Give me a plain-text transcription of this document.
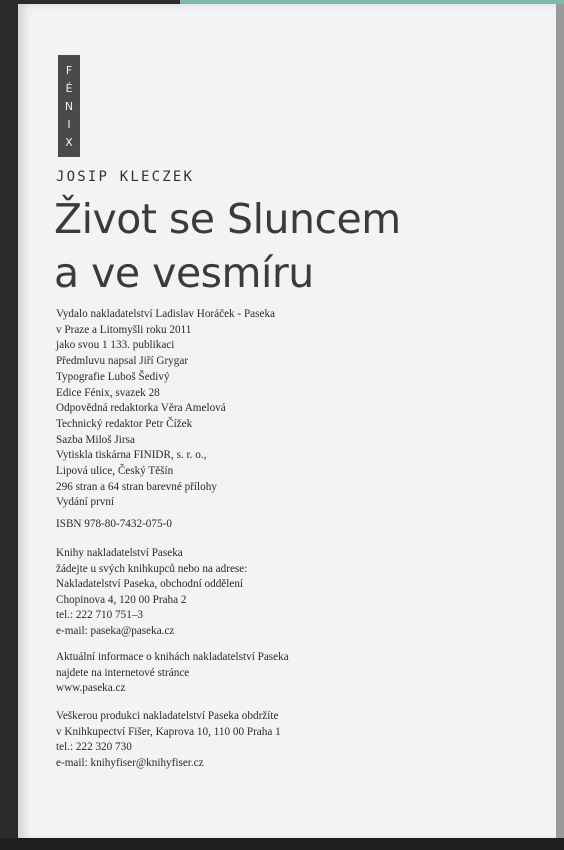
F
É
N
I
X
JOSIP KLECZEK
Život se Sluncem
a ve vesmíru
Vydalo nakladatelství Ladislav Horáček - Paseka
v Praze a Litomyšli roku 2011
jako svou 1 133. publikaci
Předmluvu napsal Jiří Grygar
Typografie Luboš Šedivý
Edice Fénix, svazek 28
Odpovědná redaktorka Věra Amelová
Technický redaktor Petr Čížek
Sazba Miloš Jirsa
Vytiskla tiskárna FINIDR, s. r. o.,
Lipová ulice, Český Těšín
296 stran a 64 stran barevné přílohy
Vydání první
ISBN 978-80-7432-075-0
Knihy nakladatelství Paseka
žádejte u svých knihkupců nebo na adrese:
Nakladatelství Paseka, obchodní oddělení
Chopinova 4, 120 00 Praha 2
tel.: 222 710 751–3
e-mail: paseka@paseka.cz
Aktuální informace o knihách nakladatelství Paseka
najdete na internetové stránce
www.paseka.cz
Veškerou produkci nakladatelství Paseka obdržíte
v Knihkupectví Fišer, Kaprova 10, 110 00 Praha 1
tel.: 222 320 730
e-mail: knihyfiser@knihyfiser.cz
